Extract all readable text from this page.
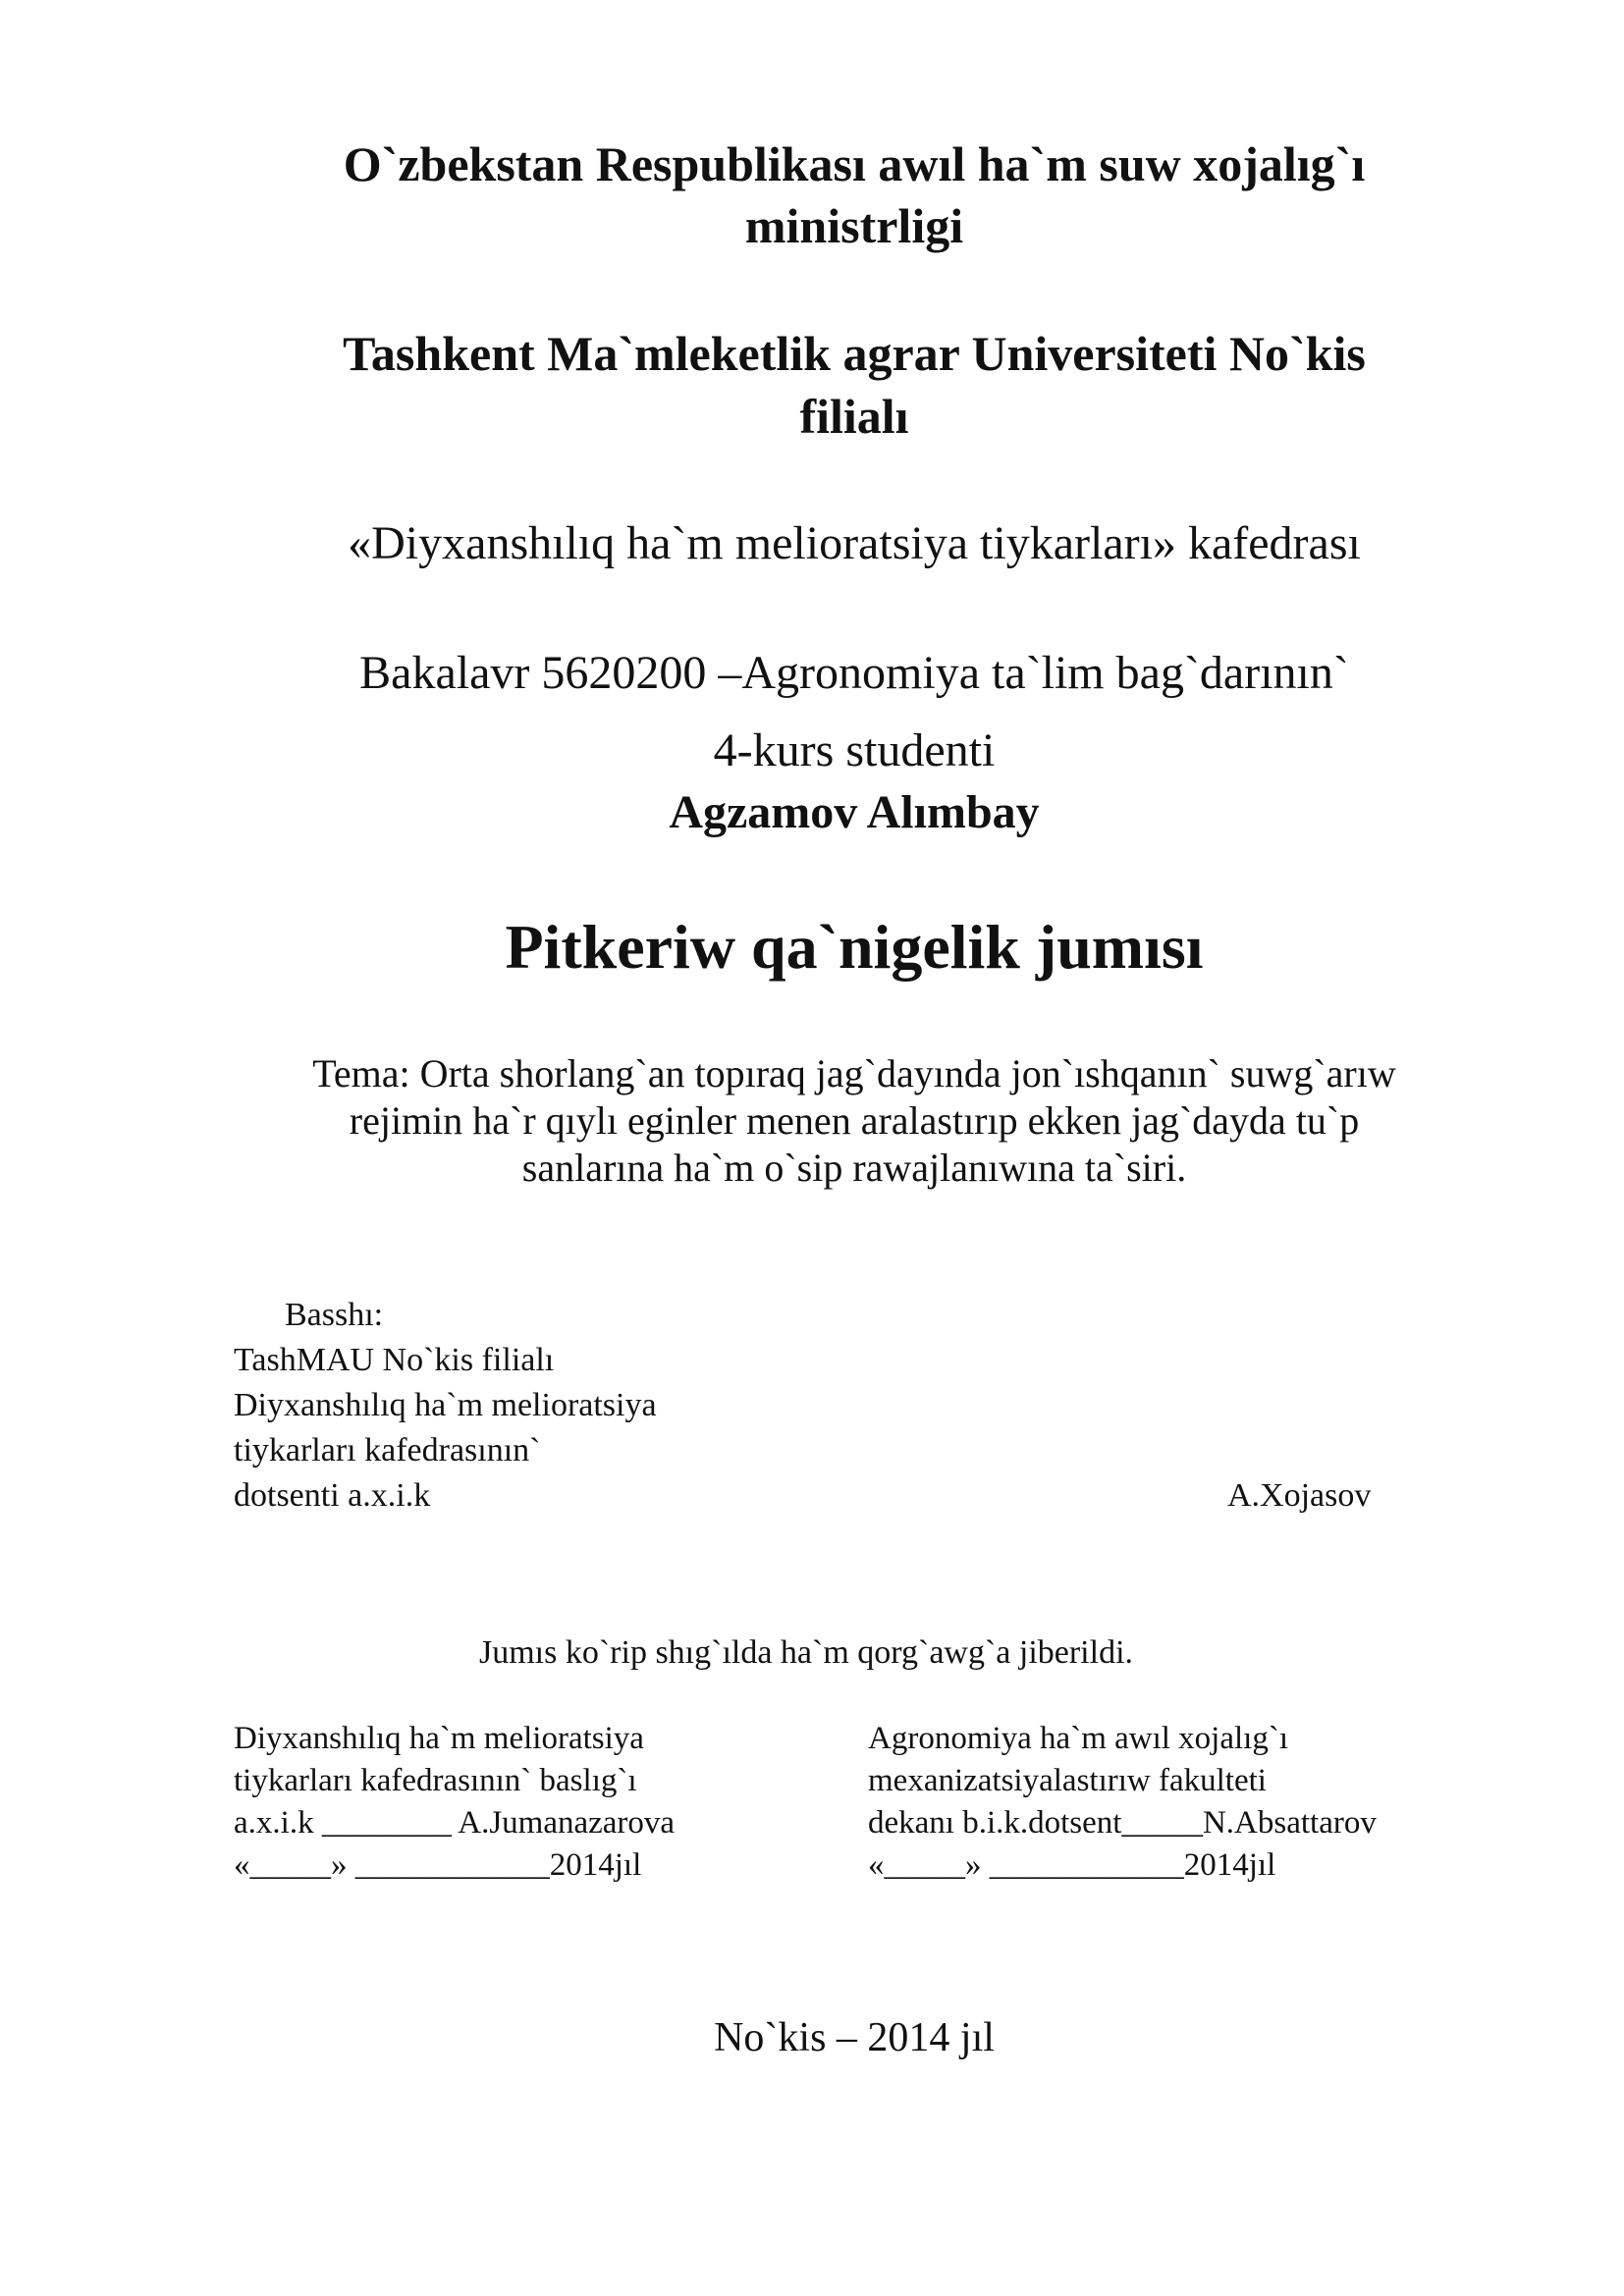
O`zbekstan Respublikası awıl ha`m suw xojalıg`ı
ministrligi
Tashkent Ma`mleketlik agrar Universiteti No`kis
filialı
«Diyxanshılıq ha`m melioratsiya tiykarları» kafedrası
Bakalavr 5620200 –Agronomiya ta`lim bag`darının`
4-kurs studenti
Agzamov Alımbay
Pitkeriw qa`nigelik jumısı
Tema: Orta shorlang`an topıraq jag`dayında jon`ıshqanın` suwg`arıw
rejimin ha`r qıylı eginler menen aralastırıp ekken jag`dayda tu`p
sanlarına ha`m o`sip rawajlanıwına ta`siri.
Basshı:
TashMAU No`kis filialı
Diyxanshılıq ha`m melioratsiya
tiykarları kafedrasının`
dotsenti a.x.i.k	A.Xojasov
Jumıs ko`rip shıg`ılda ha`m qorg`awg`a jiberildi.
Diyxanshılıq ha`m melioratsiya
tiykarları kafedrasının` baslıg`ı
a.x.i.k ________ A.Jumanazarova
«_____» ____________2014jıl
Agronomiya ha`m awıl xojalıg`ı
mexanizatsiyalastırıw fakulteti
dekanı b.i.k.dotsent_____N.Absattarov
«_____» ____________2014jıl
No`kis – 2014 jıl
